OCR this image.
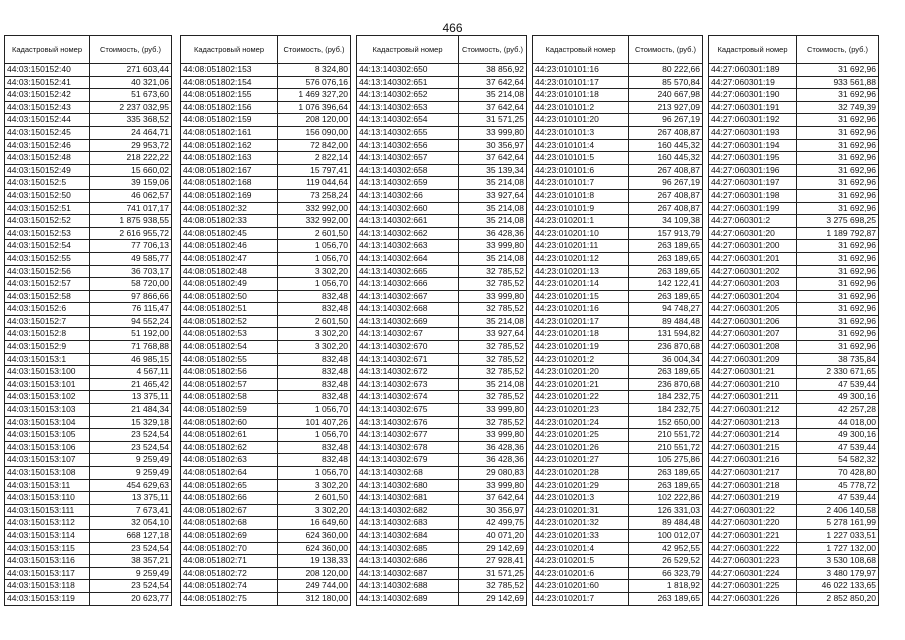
466
Кадастровый номер	Стоимость, (руб.)
44:03:150152:40	271 603,44
44:03:150152:41	40 321,06
44:03:150152:42	51 673,60
44:03:150152:43	2 237 032,95
44:03:150152:44	335 368,52
44:03:150152:45	24 464,71
44:03:150152:46	29 953,72
44:03:150152:48	218 222,22
44:03:150152:49	15 660,02
44:03:150152:5	39 159,06
44:03:150152:50	46 062,57
44:03:150152:51	741 017,17
44:03:150152:52	1 875 938,55
44:03:150152:53	2 616 955,72
44:03:150152:54	77 706,13
44:03:150152:55	49 585,77
44:03:150152:56	36 703,17
44:03:150152:57	58 720,00
44:03:150152:58	97 866,66
44:03:150152:6	76 115,47
44:03:150152:7	94 552,24
44:03:150152:8	51 192,00
44:03:150152:9	71 768,88
44:03:150153:1	46 985,15
44:03:150153:100	4 567,11
44:03:150153:101	21 465,42
44:03:150153:102	13 375,11
44:03:150153:103	21 484,34
44:03:150153:104	15 329,18
44:03:150153:105	23 524,54
44:03:150153:106	23 524,54
44:03:150153:107	9 259,49
44:03:150153:108	9 259,49
44:03:150153:11	454 629,63
44:03:150153:110	13 375,11
44:03:150153:111	7 673,41
44:03:150153:112	32 054,10
44:03:150153:114	668 127,18
44:03:150153:115	23 524,54
44:03:150153:116	38 357,21
44:03:150153:117	9 259,49
44:03:150153:118	23 524,54
44:03:150153:119	20 623,77
Кадастровый номер	Стоимость, (руб.)
44:08:051802:153	8 324,80
44:08:051802:154	576 076,16
44:08:051802:155	1 469 327,20
44:08:051802:156	1 076 396,64
44:08:051802:159	208 120,00
44:08:051802:161	156 090,00
44:08:051802:162	72 842,00
44:08:051802:163	2 822,14
44:08:051802:167	15 797,41
44:08:051802:168	119 044,64
44:08:051802:169	73 258,24
44:08:051802:32	332 992,00
44:08:051802:33	332 992,00
44:08:051802:45	2 601,50
44:08:051802:46	1 056,70
44:08:051802:47	1 056,70
44:08:051802:48	3 302,20
44:08:051802:49	1 056,70
44:08:051802:50	832,48
44:08:051802:51	832,48
44:08:051802:52	2 601,50
44:08:051802:53	3 302,20
44:08:051802:54	3 302,20
44:08:051802:55	832,48
44:08:051802:56	832,48
44:08:051802:57	832,48
44:08:051802:58	832,48
44:08:051802:59	1 056,70
44:08:051802:60	101 407,26
44:08:051802:61	1 056,70
44:08:051802:62	832,48
44:08:051802:63	832,48
44:08:051802:64	1 056,70
44:08:051802:65	3 302,20
44:08:051802:66	2 601,50
44:08:051802:67	3 302,20
44:08:051802:68	16 649,60
44:08:051802:69	624 360,00
44:08:051802:70	624 360,00
44:08:051802:71	19 138,33
44:08:051802:72	208 120,00
44:08:051802:74	249 744,00
44:08:051802:75	312 180,00
Кадастровый номер	Стоимость, (руб.)
44:13:140302:650	38 856,92
44:13:140302:651	37 642,64
44:13:140302:652	35 214,08
44:13:140302:653	37 642,64
44:13:140302:654	31 571,25
44:13:140302:655	33 999,80
44:13:140302:656	30 356,97
44:13:140302:657	37 642,64
44:13:140302:658	35 139,34
44:13:140302:659	35 214,08
44:13:140302:66	33 927,64
44:13:140302:660	35 214,08
44:13:140302:661	35 214,08
44:13:140302:662	36 428,36
44:13:140302:663	33 999,80
44:13:140302:664	35 214,08
44:13:140302:665	32 785,52
44:13:140302:666	32 785,52
44:13:140302:667	33 999,80
44:13:140302:668	32 785,52
44:13:140302:669	35 214,08
44:13:140302:67	33 927,64
44:13:140302:670	32 785,52
44:13:140302:671	32 785,52
44:13:140302:672	32 785,52
44:13:140302:673	35 214,08
44:13:140302:674	32 785,52
44:13:140302:675	33 999,80
44:13:140302:676	32 785,52
44:13:140302:677	33 999,80
44:13:140302:678	36 428,36
44:13:140302:679	36 428,36
44:13:140302:68	29 080,83
44:13:140302:680	33 999,80
44:13:140302:681	37 642,64
44:13:140302:682	30 356,97
44:13:140302:683	42 499,75
44:13:140302:684	40 071,20
44:13:140302:685	29 142,69
44:13:140302:686	27 928,41
44:13:140302:687	31 571,25
44:13:140302:688	32 785,52
44:13:140302:689	29 142,69
Кадастровый номер	Стоимость, (руб.)
44:23:010101:16	80 222,66
44:23:010101:17	85 570,84
44:23:010101:18	240 667,98
44:23:010101:2	213 927,09
44:23:010101:20	96 267,19
44:23:010101:3	267 408,87
44:23:010101:4	160 445,32
44:23:010101:5	160 445,32
44:23:010101:6	267 408,87
44:23:010101:7	96 267,19
44:23:010101:8	267 408,87
44:23:010101:9	267 408,87
44:23:010201:1	34 109,38
44:23:010201:10	157 913,79
44:23:010201:11	263 189,65
44:23:010201:12	263 189,65
44:23:010201:13	263 189,65
44:23:010201:14	142 122,41
44:23:010201:15	263 189,65
44:23:010201:16	94 748,27
44:23:010201:17	89 484,48
44:23:010201:18	131 594,82
44:23:010201:19	236 870,68
44:23:010201:2	36 004,34
44:23:010201:20	263 189,65
44:23:010201:21	236 870,68
44:23:010201:22	184 232,75
44:23:010201:23	184 232,75
44:23:010201:24	152 650,00
44:23:010201:25	210 551,72
44:23:010201:26	210 551,72
44:23:010201:27	105 275,86
44:23:010201:28	263 189,65
44:23:010201:29	263 189,65
44:23:010201:3	102 222,86
44:23:010201:31	126 331,03
44:23:010201:32	89 484,48
44:23:010201:33	100 012,07
44:23:010201:4	42 952,55
44:23:010201:5	26 529,52
44:23:010201:6	66 323,79
44:23:010201:60	1 818,92
44:23:010201:7	263 189,65
Кадастровый номер	Стоимость, (руб.)
44:27:060301:189	31 692,96
44:27:060301:19	933 561,88
44:27:060301:190	31 692,96
44:27:060301:191	32 749,39
44:27:060301:192	31 692,96
44:27:060301:193	31 692,96
44:27:060301:194	31 692,96
44:27:060301:195	31 692,96
44:27:060301:196	31 692,96
44:27:060301:197	31 692,96
44:27:060301:198	31 692,96
44:27:060301:199	31 692,96
44:27:060301:2	3 275 698,25
44:27:060301:20	1 189 792,87
44:27:060301:200	31 692,96
44:27:060301:201	31 692,96
44:27:060301:202	31 692,96
44:27:060301:203	31 692,96
44:27:060301:204	31 692,96
44:27:060301:205	31 692,96
44:27:060301:206	31 692,96
44:27:060301:207	31 692,96
44:27:060301:208	31 692,96
44:27:060301:209	38 735,84
44:27:060301:21	2 330 671,65
44:27:060301:210	47 539,44
44:27:060301:211	49 300,16
44:27:060301:212	42 257,28
44:27:060301:213	44 018,00
44:27:060301:214	49 300,16
44:27:060301:215	47 539,44
44:27:060301:216	54 582,32
44:27:060301:217	70 428,80
44:27:060301:218	45 778,72
44:27:060301:219	47 539,44
44:27:060301:22	2 406 140,58
44:27:060301:220	5 278 161,99
44:27:060301:221	1 227 033,51
44:27:060301:222	1 727 132,00
44:27:060301:223	3 530 108,68
44:27:060301:224	3 480 179,97
44:27:060301:225	46 022 133,65
44:27:060301:226	2 852 850,20
